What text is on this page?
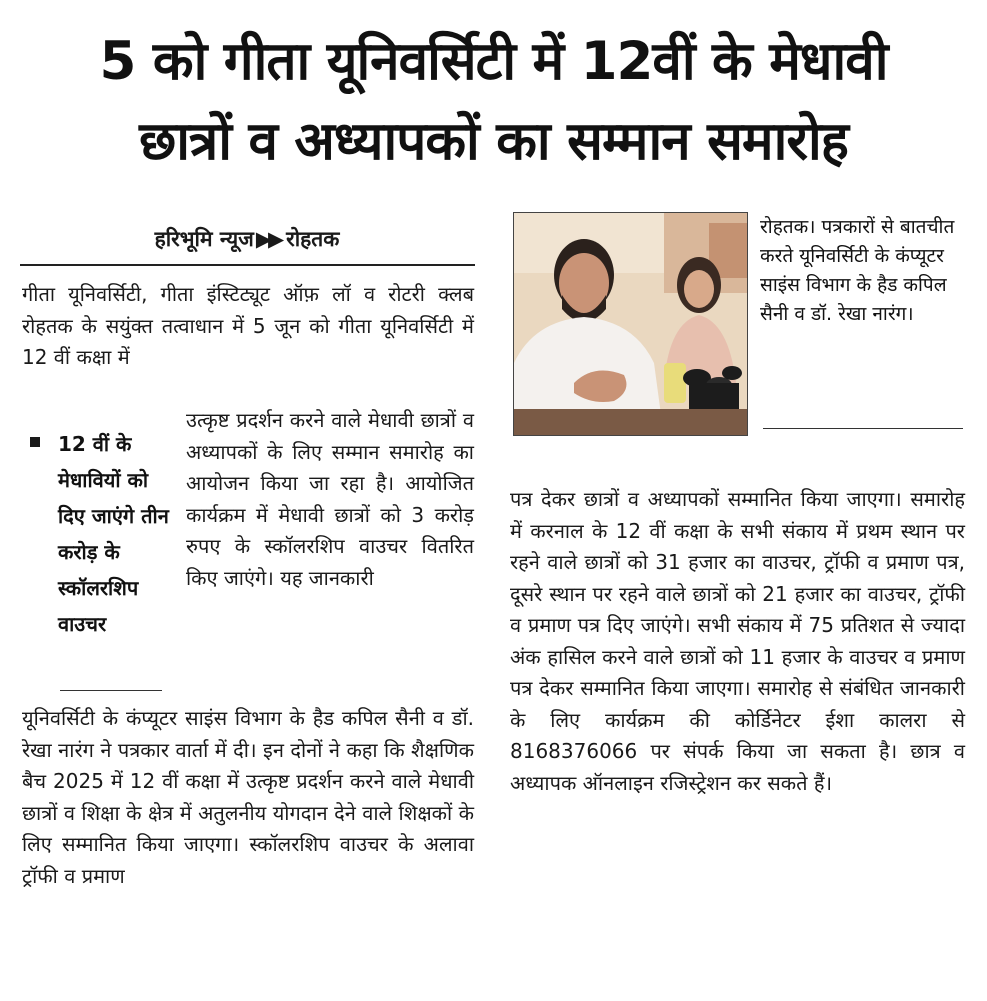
5 को गीता यूनिवर्सिटी में 12वीं के मेधावी
छात्रों व अध्यापकों का सम्मान समारोह
हरिभूमि न्यूज▶▶ रोहतक

गीता यूनिवर्सिटी, गीता इंस्टिट्यूट ऑफ़ लॉ व रोटरी क्लब रोहतक के सयुंक्त तत्वाधान में 5 जून को गीता यूनिवर्सिटी में 12 वीं कक्षा में

12 वीं के मेधावियों को दिए जाएंगे तीन करोड़ के स्कॉलरशिप वाउचर

उत्कृष्ट प्रदर्शन करने वाले मेधावी छात्रों व अध्यापकों के लिए सम्मान समारोह का आयोजन किया जा रहा है। आयोजित कार्यक्रम में मेधावी छात्रों को 3 करोड़ रुपए के स्कॉलरशिप वाउचर वितरित किए जाएंगे। यह जानकारी

यूनिवर्सिटी के कंप्यूटर साइंस विभाग के हैड कपिल सैनी व डॉ. रेखा नारंग ने पत्रकार वार्ता में दी। इन दोनों ने कहा कि शैक्षणिक बैच 2025 में 12 वीं कक्षा में उत्कृष्ट प्रदर्शन करने वाले मेधावी छात्रों व शिक्षा के क्षेत्र में अतुलनीय योगदान देने वाले शिक्षकों के लिए सम्मानित किया जाएगा। स्कॉलरशिप वाउचर के अलावा ट्रॉफी व प्रमाण

रोहतक। पत्रकारों से बातचीत करते यूनिवर्सिटी के कंप्यूटर साइंस विभाग के हैड कपिल सैनी व डॉ. रेखा नारंग।

पत्र देकर छात्रों व अध्यापकों सम्मानित किया जाएगा। समारोह में करनाल के 12 वीं कक्षा के सभी संकाय में प्रथम स्थान पर रहने वाले छात्रों को 31 हजार का वाउचर, ट्रॉफी व प्रमाण पत्र, दूसरे स्थान पर रहने वाले छात्रों को 21 हजार का वाउचर, ट्रॉफी व प्रमाण पत्र दिए जाएंगे। सभी संकाय में 75 प्रतिशत से ज्यादा अंक हासिल करने वाले छात्रों को 11 हजार के वाउचर व प्रमाण पत्र देकर सम्मानित किया जाएगा। समारोह से संबंधित जानकारी के लिए कार्यक्रम की कोर्डिनेटर ईशा कालरा से 8168376066 पर संपर्क किया जा सकता है। छात्र व अध्यापक ऑनलाइन रजिस्ट्रेशन कर सकते हैं।
